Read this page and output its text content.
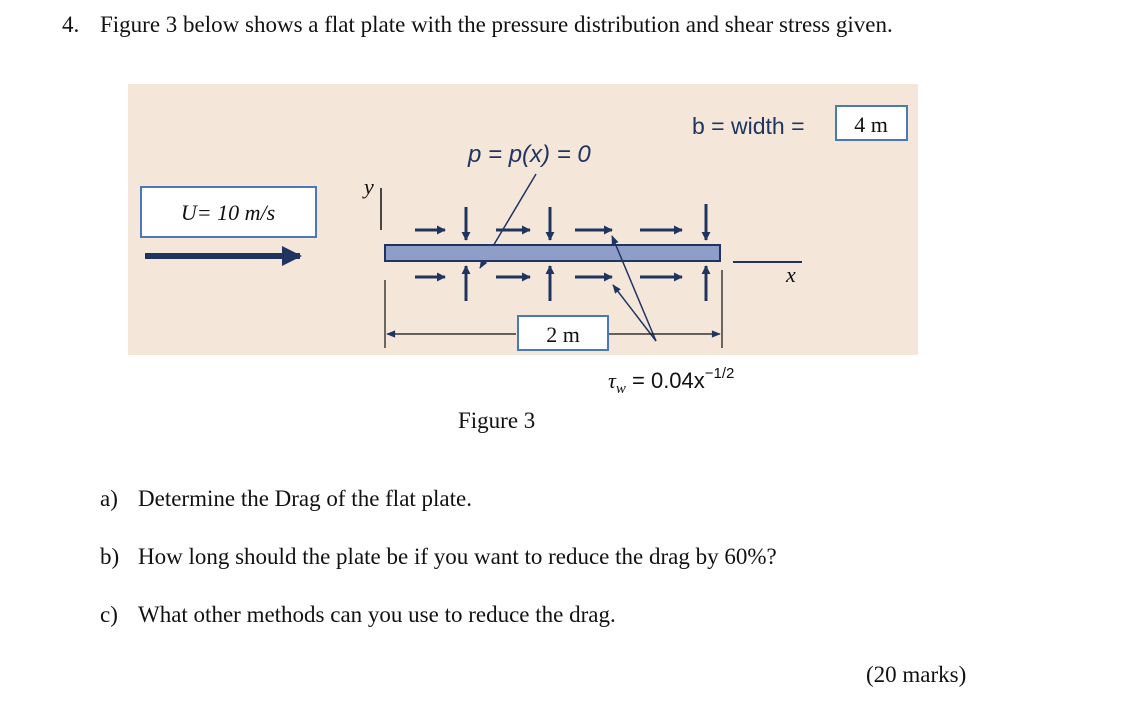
4. Figure 3 below shows a flat plate with the pressure distribution and shear stress given.
U= 10 m/s
b = width = 4 m
p = p(x) = 0
y
x
2 m
$\tau_w = 0.04x^{-1/2}$
Figure 3
a) Determine the Drag of the flat plate.
b) How long should the plate be if you want to reduce the drag by 60%?
c) What other methods can you use to reduce the drag.
(20 marks)
